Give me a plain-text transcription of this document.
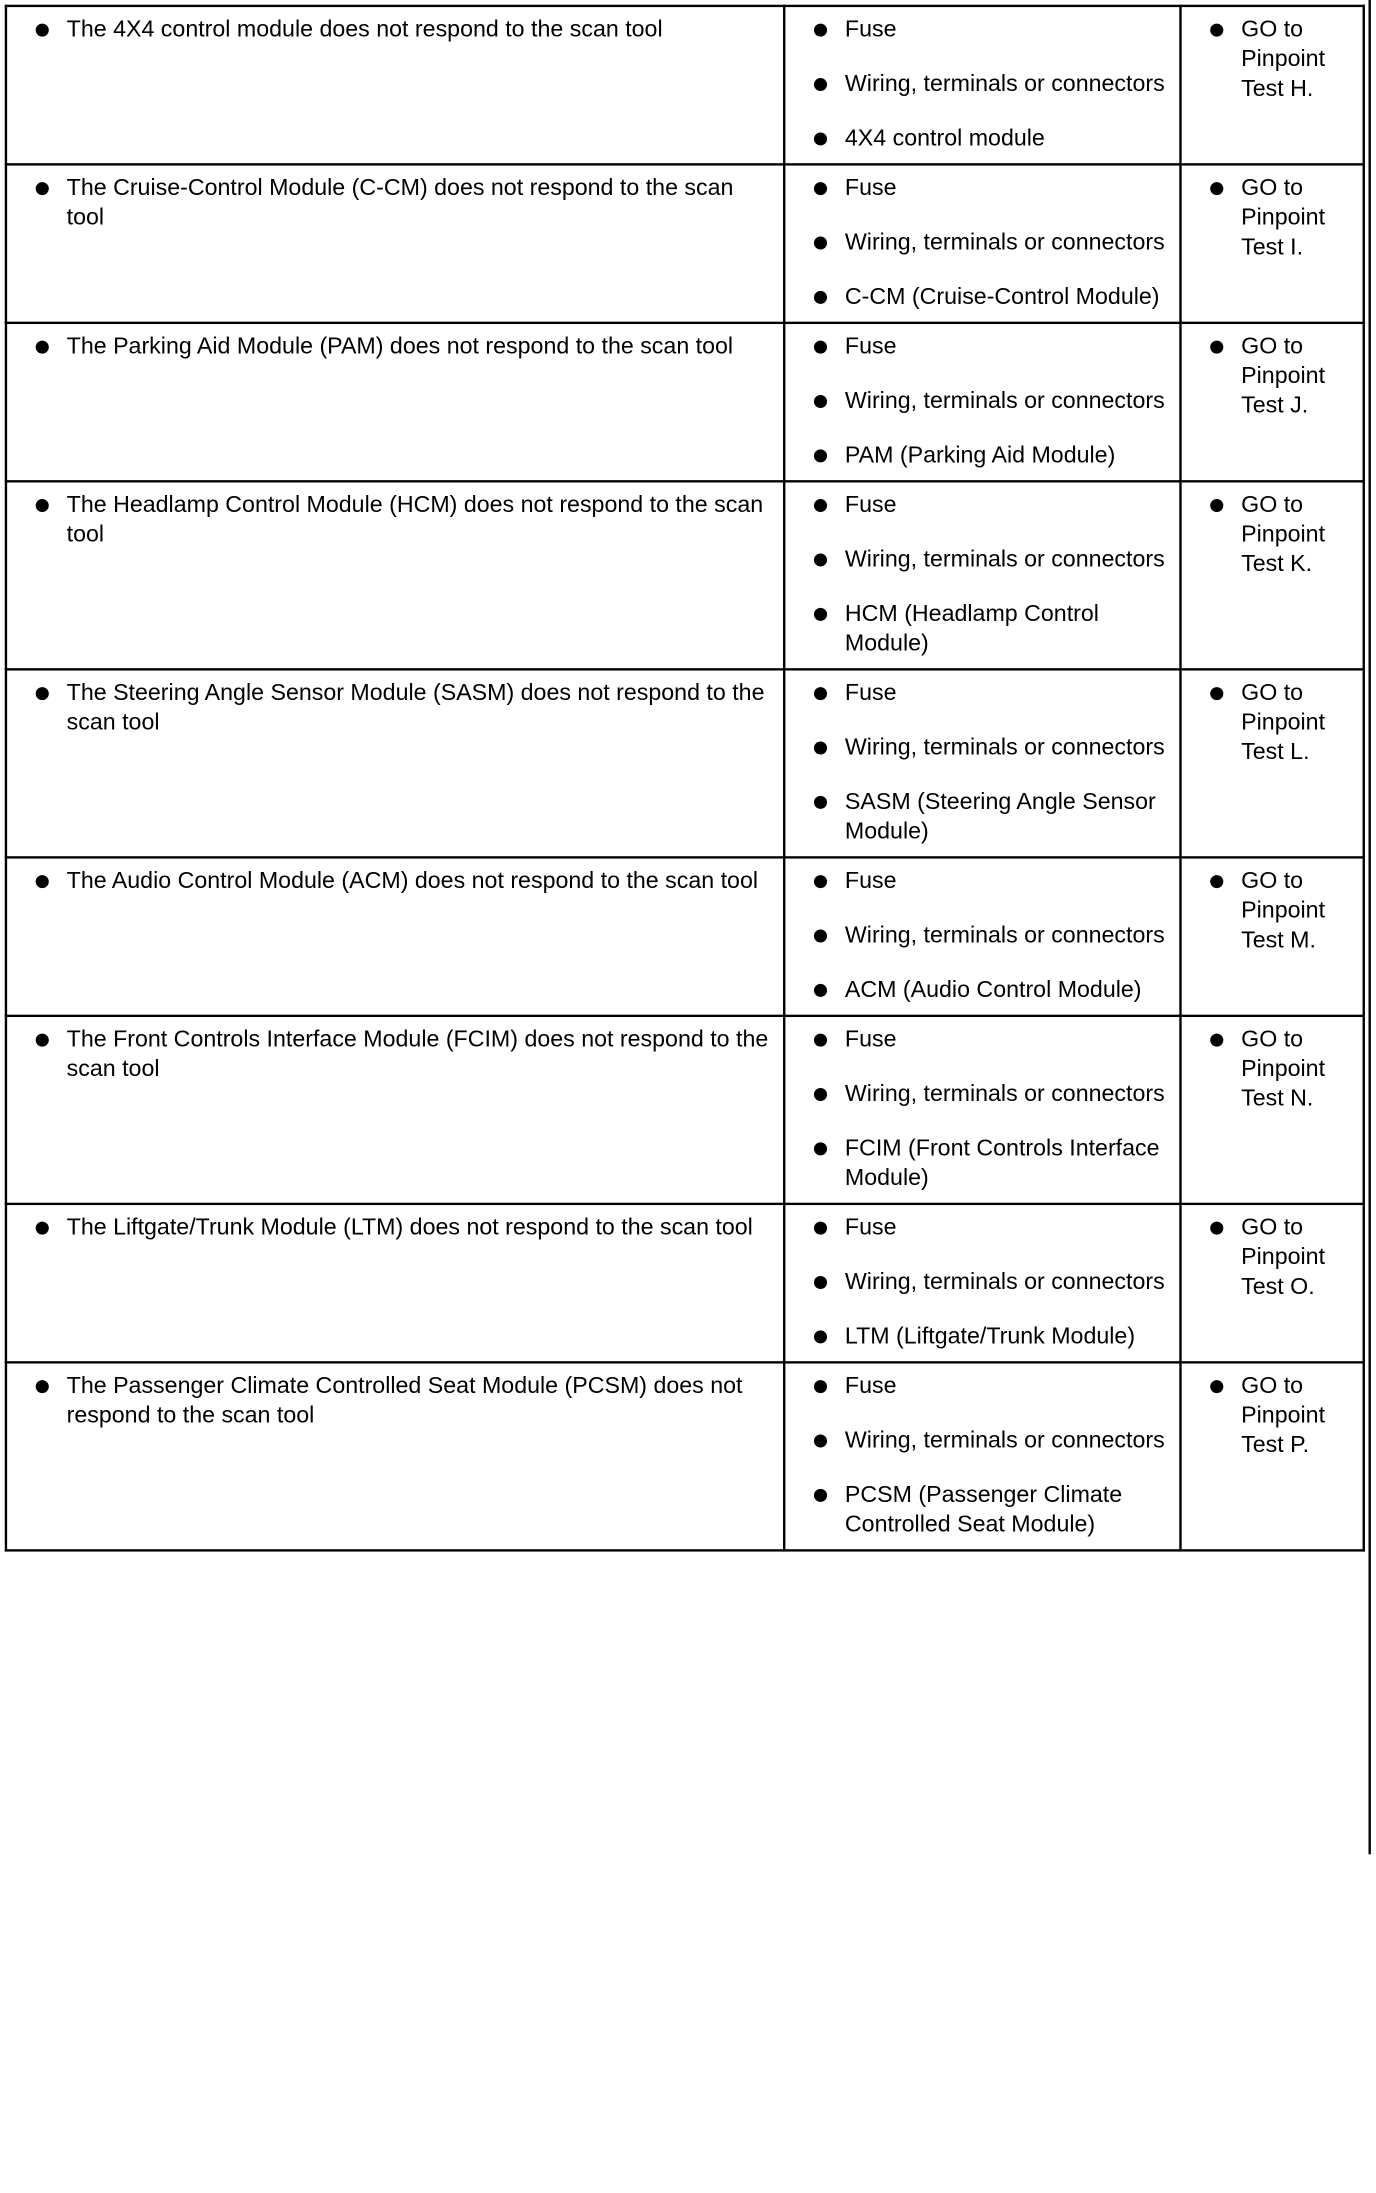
The 4X4 control module does not respond to the scan tool	Fuse
Wiring, terminals or connectors
4X4 control module	GO to Pinpoint Test H.

The Cruise-Control Module (C-CM) does not respond to the scan tool	Fuse
Wiring, terminals or connectors
C-CM (Cruise-Control Module)	GO to Pinpoint Test I.

The Parking Aid Module (PAM) does not respond to the scan tool	Fuse
Wiring, terminals or connectors
PAM (Parking Aid Module)	GO to Pinpoint Test J.

The Headlamp Control Module (HCM) does not respond to the scan tool	Fuse
Wiring, terminals or connectors
HCM (Headlamp Control Module)	GO to Pinpoint Test K.

The Steering Angle Sensor Module (SASM) does not respond to the scan tool	Fuse
Wiring, terminals or connectors
SASM (Steering Angle Sensor Module)	GO to Pinpoint Test L.

The Audio Control Module (ACM) does not respond to the scan tool	Fuse
Wiring, terminals or connectors
ACM (Audio Control Module)	GO to Pinpoint Test M.

The Front Controls Interface Module (FCIM) does not respond to the scan tool	Fuse
Wiring, terminals or connectors
FCIM (Front Controls Interface Module)	GO to Pinpoint Test N.

The Liftgate/Trunk Module (LTM) does not respond to the scan tool	Fuse
Wiring, terminals or connectors
LTM (Liftgate/Trunk Module)	GO to Pinpoint Test O.

The Passenger Climate Controlled Seat Module (PCSM) does not respond to the scan tool	Fuse
Wiring, terminals or connectors
PCSM (Passenger Climate Controlled Seat Module)	GO to Pinpoint Test P.
